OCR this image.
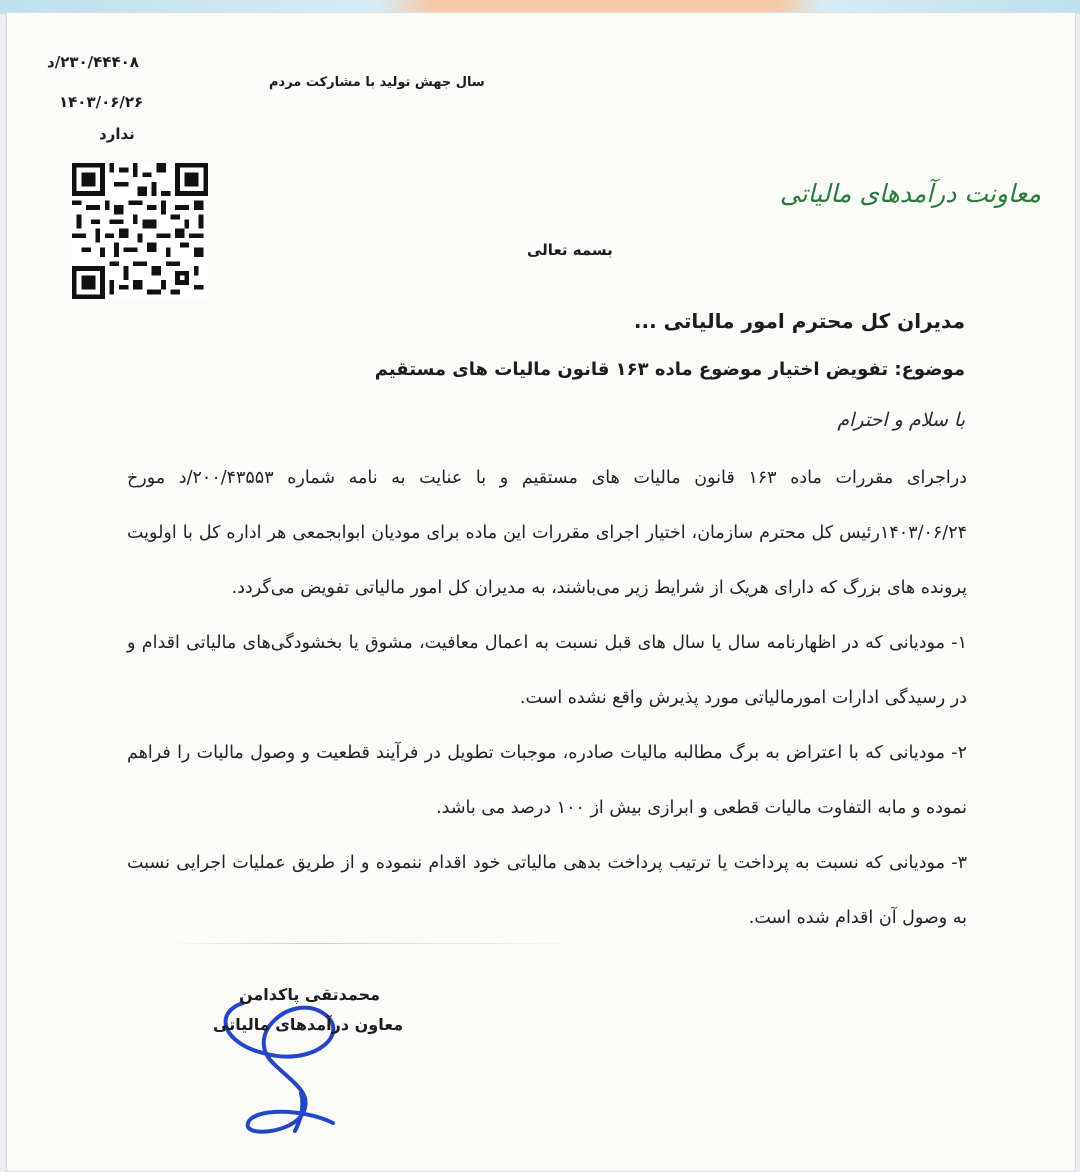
۲۳۰/۴۴۴۰۸/د
۱۴۰۳/۰۶/۲۶
ندارد
سال جهش تولید با مشارکت مردم
معاونت درآمدهای مالیاتی
بسمه تعالی
مدیران کل محترم امور مالیاتی ...
موضوع: تفویض اختیار موضوع ماده ۱۶۳ قانون مالیات های مستقیم
با سلام و احترام

دراجرای مقررات ماده ۱۶۳ قانون مالیات های مستقیم و با عنایت به نامه شماره ۲۰۰/۴۳۵۵۳/د مورخ ۱۴۰۳/۰۶/۲۴رئیس کل محترم سازمان، اختیار اجرای مقررات این ماده برای مودیان ابوابجمعی هر اداره کل با اولویت پرونده های بزرگ که دارای هریک از شرایط زیر می‌باشند، به مدیران کل امور مالیاتی تفویض می‌گردد.

۱- مودیانی که در اظهارنامه سال یا سال های قبل نسبت به اعمال معافیت، مشوق یا بخشودگی‌های مالیاتی اقدام و در رسیدگی ادارات امورمالیاتی مورد پذیرش واقع نشده است.

۲- مودیانی که با اعتراض به برگ مطالبه مالیات صادره، موجبات تطویل در فرآیند قطعیت و وصول مالیات را فراهم نموده و مابه التفاوت مالیات قطعی و ابرازی بیش از ۱۰۰ درصد می باشد.

۳- مودیانی که نسبت به پرداخت یا ترتیب پرداخت بدهی مالیاتی خود اقدام ننموده و از طریق عملیات اجرایی نسبت به وصول آن اقدام شده است.

محمدتقی پاکدامن
معاون درآمدهای مالیاتی
